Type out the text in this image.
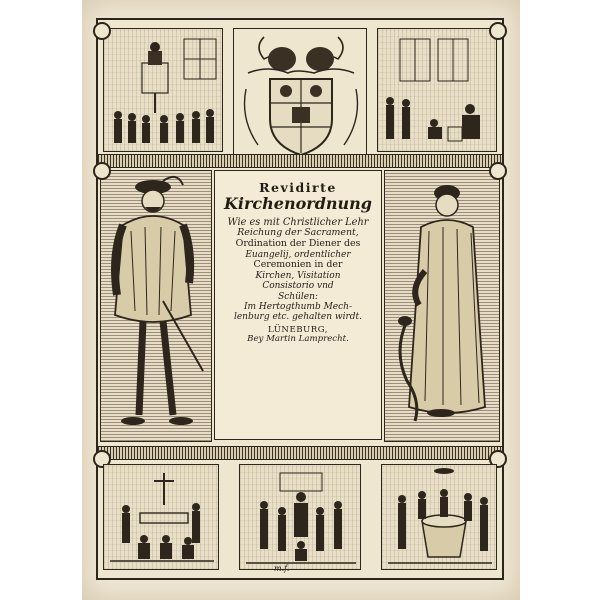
Revidirte
Kirchenordnung
Wie es mit Christlicher Lehr
Reichung der Sacrament,
Ordination der Diener des
Euangelij, ordentlicher
Ceremonien in der
Kirchen, Visitation
Consistorio vnd
Schülen:
Im Hertogthumb Mech-
lenburg etc. gehalten wirdt.
LÜNEBURG,
Bey Martin Lamprecht.
m.f.
